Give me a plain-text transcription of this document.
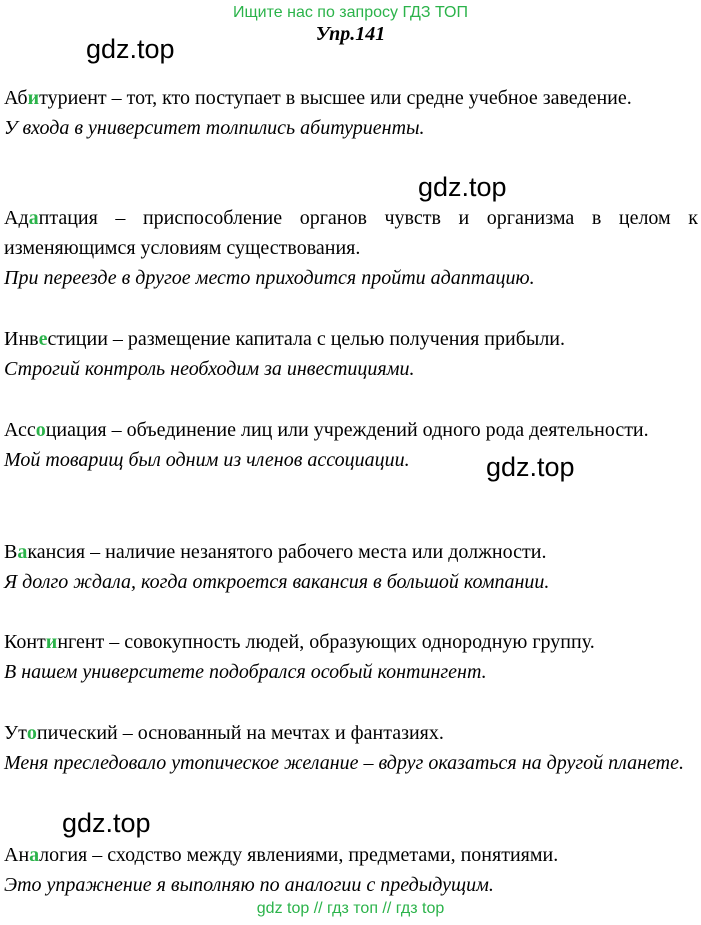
Ищите нас по запросу ГДЗ ТОП
Упр.141
gdz.top
Абитуриент – тот, кто поступает в высшее или средне учебное заведение.
У входа в университет толпились абитуриенты.
gdz.top
Адаптация – приспособление органов чувств и организма в целом к изменяющимся условиям существования.
При переезде в другое место приходится пройти адаптацию.
Инвестиции – размещение капитала с целью получения прибыли.
Строгий контроль необходим за инвестициями.
Ассоциация – объединение лиц или учреждений одного рода деятельности.
Мой товарищ был одним из членов ассоциации.	gdz.top
Вакансия – наличие незанятого рабочего места или должности.
Я долго ждала, когда откроется вакансия в большой компании.
Контингент – совокупность людей, образующих однородную группу.
В нашем университете подобрался особый контингент.
Утопический – основанный на мечтах и фантазиях.
Меня преследовало утопическое желание – вдруг оказаться на другой планете.
gdz.top
Аналогия – сходство между явлениями, предметами, понятиями.
Это упражнение я выполняю по аналогии с предыдущим.
gdz top // гдз топ // гдз top
